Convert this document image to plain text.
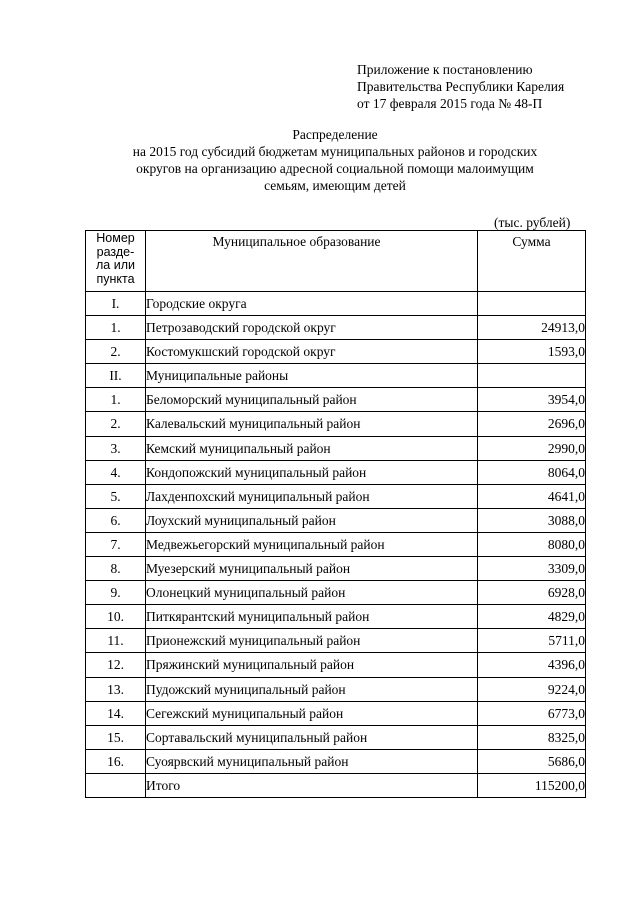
Приложение к постановлению
Правительства Республики Карелия
от 17 февраля 2015 года № 48-П
Распределение
на 2015 год субсидий бюджетам муниципальных районов и городских
округов на организацию адресной социальной помощи малоимущим
семьям, имеющим детей
(тыс. рублей)
Номер
разде-
ла или
пункта	Муниципальное образование	Сумма
I.	Городские округа	
1.	Петрозаводский городской округ	24913,0
2.	Костомукшский городской округ	1593,0
II.	Муниципальные районы	
1.	Беломорский муниципальный район	3954,0
2.	Калевальский муниципальный район	2696,0
3.	Кемский муниципальный район	2990,0
4.	Кондопожский муниципальный район	8064,0
5.	Лахденпохский муниципальный район	4641,0
6.	Лоухский муниципальный район	3088,0
7.	Медвежьегорский муниципальный район	8080,0
8.	Муезерский муниципальный район	3309,0
9.	Олонецкий муниципальный район	6928,0
10.	Питкярантский муниципальный район	4829,0
11.	Прионежский муниципальный район	5711,0
12.	Пряжинский муниципальный район	4396,0
13.	Пудожский муниципальный район	9224,0
14.	Сегежский муниципальный район	6773,0
15.	Сортавальский муниципальный район	8325,0
16.	Суоярвский муниципальный район	5686,0
	Итого	115200,0
